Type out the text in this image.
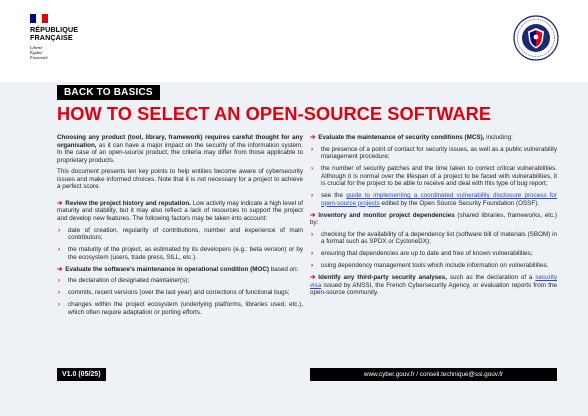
RÉPUBLIQUE
FRANÇAISE
Liberté
Égalité
Fraternité
BACK TO BASICS
HOW TO SELECT AN OPEN-SOURCE SOFTWARE

Choosing any product (tool, library, framework) requires careful thought for any organisation, as it can have a major impact on the security of the information system. In the case of an open-source product, the criteria may differ from those applicable to proprietary products.

This document presents ten key points to help entities become aware of cybersecurity issues and make informed choices. Note that it is not necessary for a project to achieve a perfect score.

➔ Review the project history and reputation. Low activity may indicate a high level of maturity and stability, but it may also reflect a lack of resources to support the project and develop new features. The following factors may be taken into account:

› date of creation, regularity of contributions, number and experience of main contributors;
› the maturity of the project, as estimated by its developers (e.g.: beta version) or by the ecosystem (users, trade press, SILL, etc.).

➔ Evaluate the software's maintenance in operational condition (MOC) based on:

› the declaration of designated maintainer(s);
› commits, recent versions (over the last year) and corrections of functional bugs;
› changes within the project ecosystem (underlying platforms, libraries used, etc.), which often require adaptation or porting efforts.

➔ Evaluate the maintenance of security conditions (MCS), including:

› the presence of a point of contact for security issues, as well as a public vulnerability management procedure;
› the number of security patches and the time taken to correct critical vulnerabilities. Although it is normal over the lifespan of a project to be faced with vulnerabilities, it is crucial for the project to be able to receive and deal with this type of bug report;
› see the guide to implementing a coordinated vulnerability disclosure process for open-source projects edited by the Open Source Security Foundation (OSSF).

➔ Inventory and monitor project dependencies (shared libraries, frameworks, etc.) by:

› checking for the availability of a dependency list (software bill of materials (SBOM) in a format such as SPDX or CycloneDX);
› ensuring that dependencies are up to date and free of known vulnerabilities;
› using dependency management tools which include information on vulnerabilities.

➔ Identify any third-party security analyses, such as the declaration of a security visa issued by ANSSI, the French Cybersecurity Agency, or evaluation reports from the open-source community.

V1.0 (05/25)	www.cyber.gouv.fr / conseil.technique@ssi.gouv.fr
